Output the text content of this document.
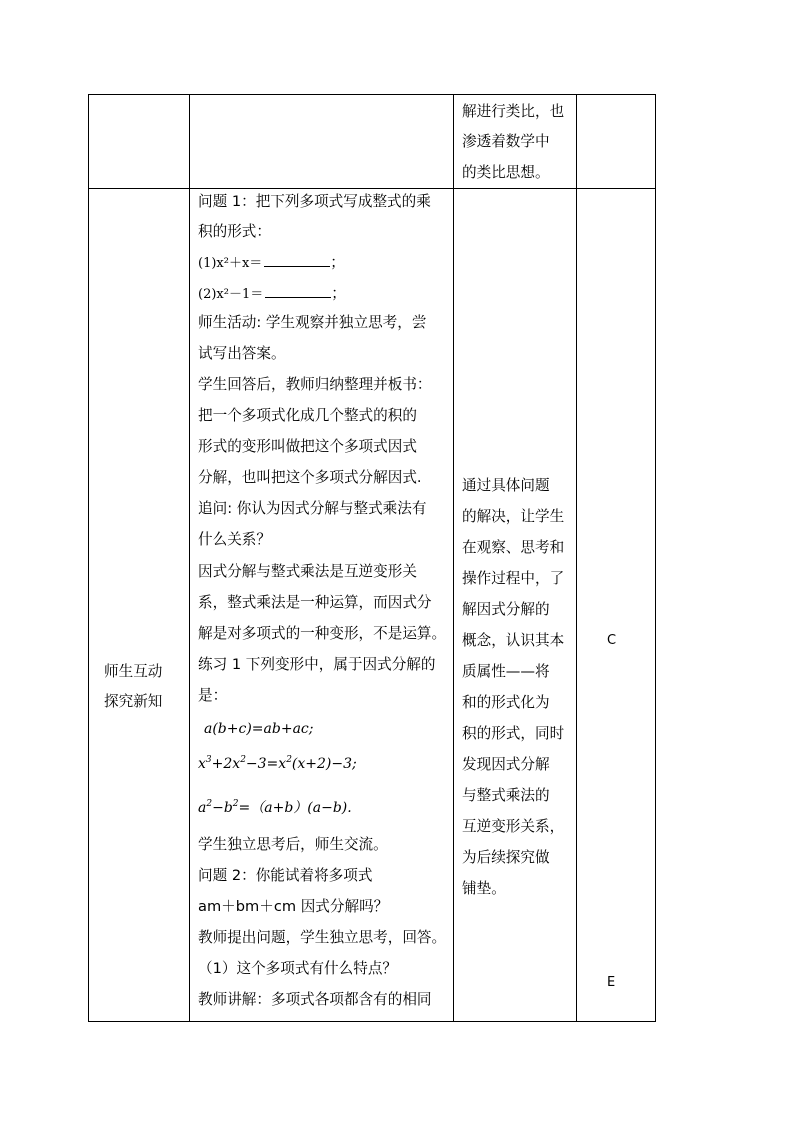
解进行类比，也
渗透着数学中
的类比思想。
师生互动
探究新知
问题 1：把下列多项式写成整式的乘
积的形式：
(1)x²＋x＝	；
(2)x²－1＝	；
师生活动: 学生观察并独立思考，尝
试写出答案。
学生回答后，教师归纳整理并板书：
把一个多项式化成几个整式的积的
形式的变形叫做把这个多项式因式
分解，也叫把这个多项式分解因式.
追问: 你认为因式分解与整式乘法有
什么关系？
因式分解与整式乘法是互逆变形关
系，整式乘法是一种运算，而因式分
解是对多项式的一种变形，不是运算。
练习 1 下列变形中，属于因式分解的
是：
a(b+c)=ab+ac;
$x^3+2x^2-3=x^2(x+2)-3$;
$a^2-b^2=(a+b)(a-b)$.
学生独立思考后，师生交流。
问题 2：你能试着将多项式
am＋bm＋cm 因式分解吗？
教师提出问题，学生独立思考，回答。
（1）这个多项式有什么特点？
教师讲解：多项式各项都含有的相同
通过具体问题
的解决，让学生
在观察、思考和
操作过程中，了
解因式分解的
概念，认识其本
质属性——将
和的形式化为
积的形式，同时
发现因式分解
与整式乘法的
互逆变形关系，
为后续探究做
铺垫。
C
E
